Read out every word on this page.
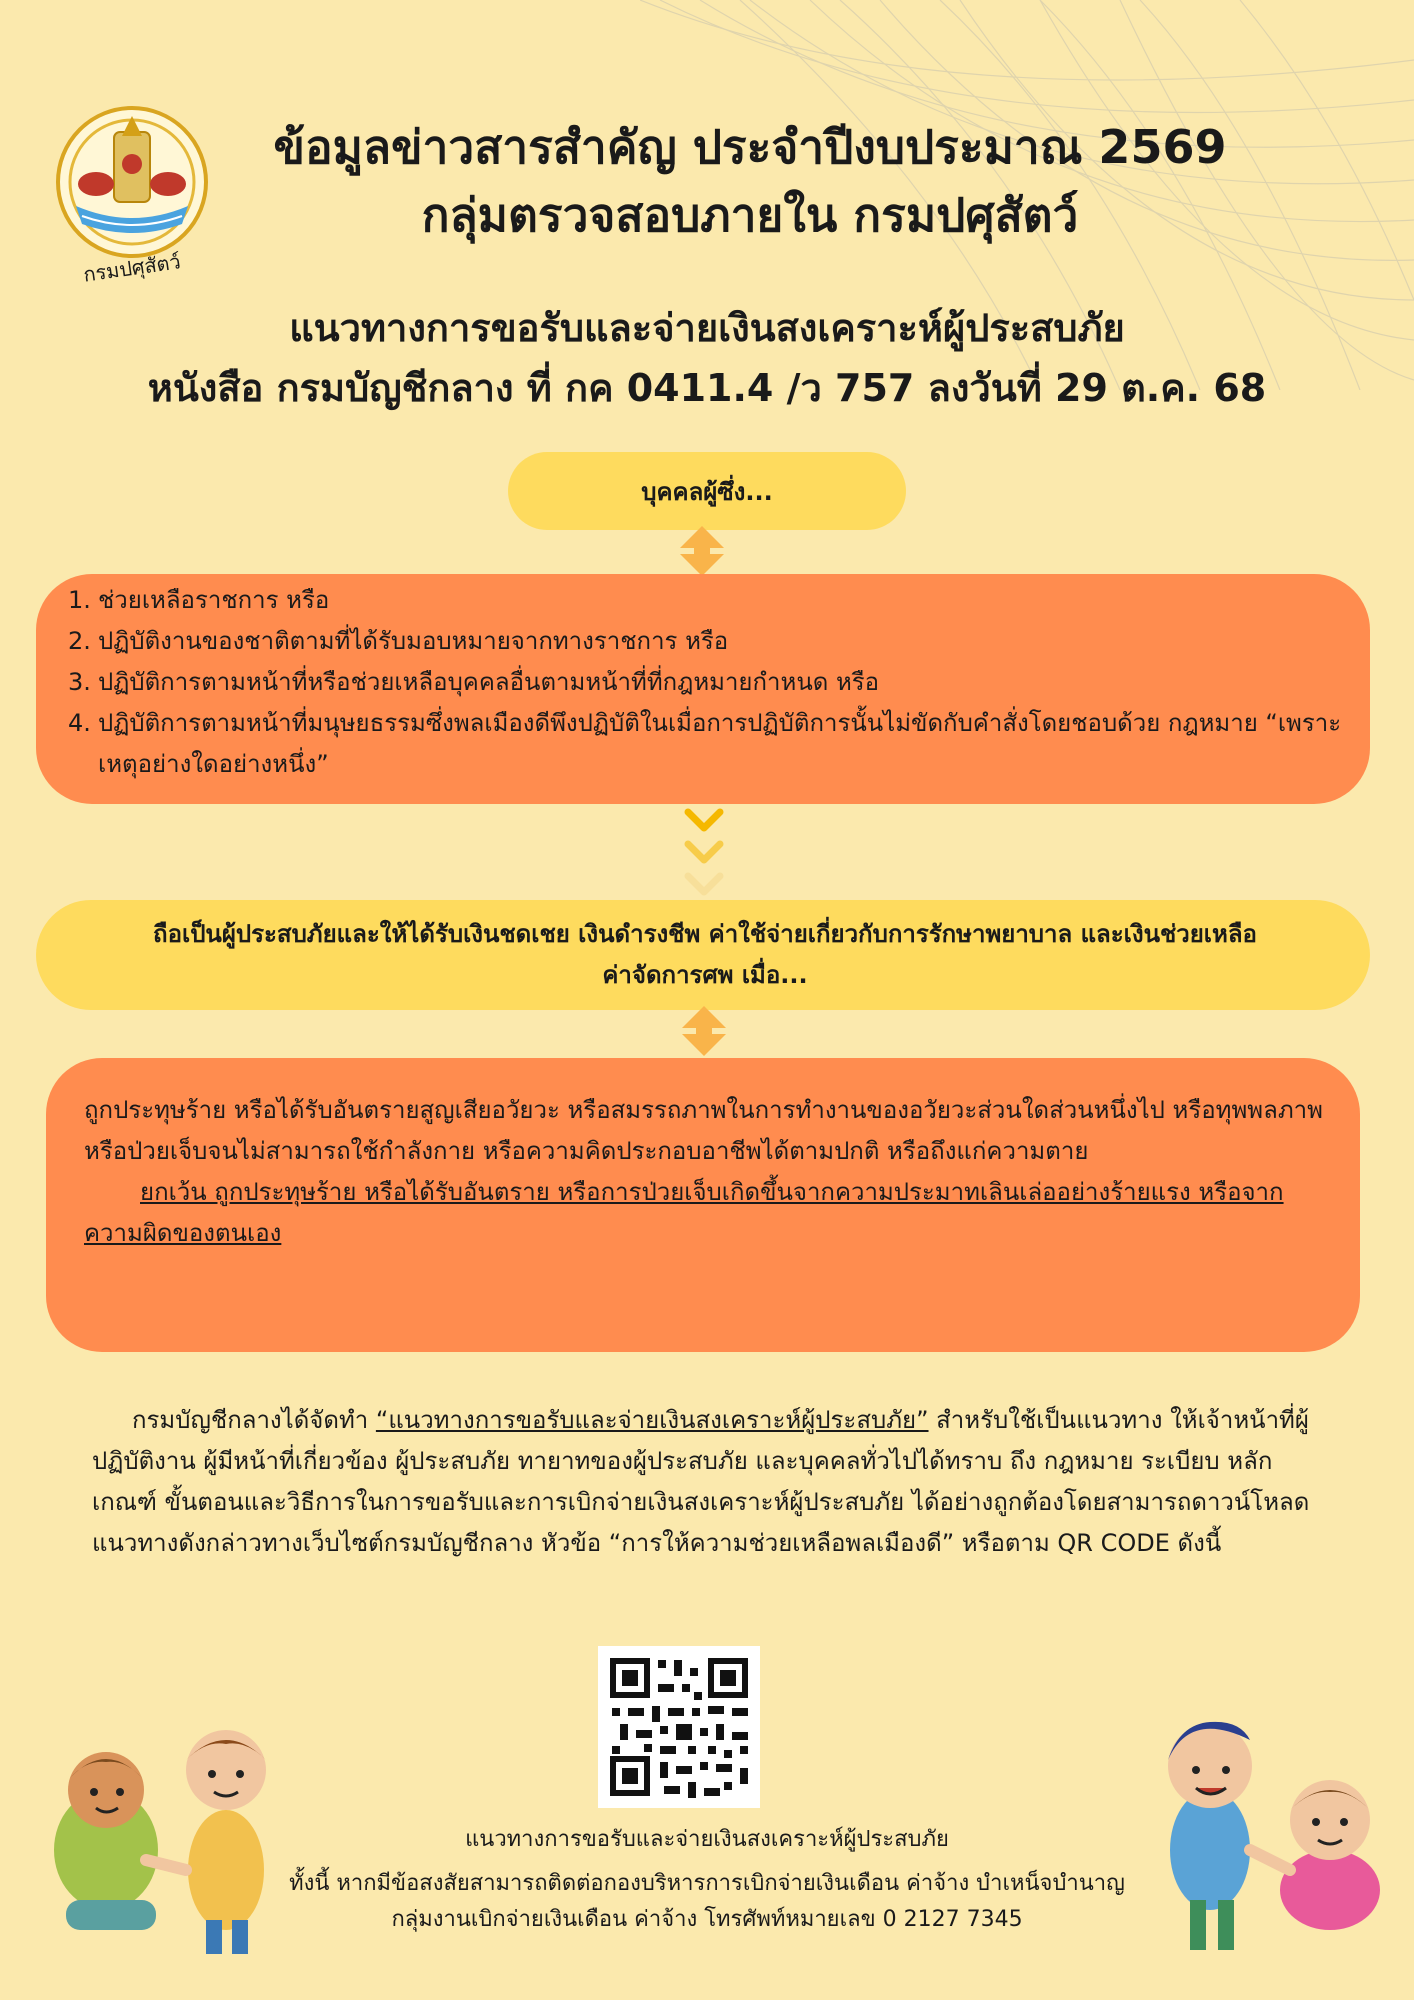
กรมปศุสัตว์
ข้อมูลข่าวสารสำคัญ ประจำปีงบประมาณ 2569
กลุ่มตรวจสอบภายใน กรมปศุสัตว์
แนวทางการขอรับและจ่ายเงินสงเคราะห์ผู้ประสบภัย
หนังสือ กรมบัญชีกลาง ที่ กค 0411.4 /ว 757 ลงวันที่ 29 ต.ค. 68
บุคคลผู้ซึ่ง...
1. ช่วยเหลือราชการ หรือ
2. ปฏิบัติงานของชาติตามที่ได้รับมอบหมายจากทางราชการ หรือ
3. ปฏิบัติการตามหน้าที่หรือช่วยเหลือบุคคลอื่นตามหน้าที่ที่กฎหมายกำหนด หรือ
4. ปฏิบัติการตามหน้าที่มนุษยธรรมซึ่งพลเมืองดีพึงปฏิบัติในเมื่อการปฏิบัติการนั้นไม่ขัดกับคำสั่งโดยชอบด้วย กฎหมาย “เพราะเหตุอย่างใดอย่างหนึ่ง”
ถือเป็นผู้ประสบภัยและให้ได้รับเงินชดเชย เงินดำรงชีพ ค่าใช้จ่ายเกี่ยวกับการรักษาพยาบาล และเงินช่วยเหลือ
ค่าจัดการศพ เมื่อ...
ถูกประทุษร้าย หรือได้รับอันตรายสูญเสียอวัยวะ หรือสมรรถภาพในการทำงานของอวัยวะส่วนใดส่วนหนึ่งไป หรือทุพพลภาพ หรือป่วยเจ็บจนไม่สามารถใช้กำลังกาย หรือความคิดประกอบอาชีพได้ตามปกติ หรือถึงแก่ความตาย
ยกเว้น ถูกประทุษร้าย หรือได้รับอันตราย หรือการป่วยเจ็บเกิดขึ้นจากความประมาทเลินเล่ออย่างร้ายแรง หรือจากความผิดของตนเอง
กรมบัญชีกลางได้จัดทำ “แนวทางการขอรับและจ่ายเงินสงเคราะห์ผู้ประสบภัย” สำหรับใช้เป็นแนวทาง ให้เจ้าหน้าที่ผู้ปฏิบัติงาน ผู้มีหน้าที่เกี่ยวข้อง ผู้ประสบภัย ทายาทของผู้ประสบภัย และบุคคลทั่วไปได้ทราบ ถึง กฎหมาย ระเบียบ หลักเกณฑ์ ขั้นตอนและวิธีการในการขอรับและการเบิกจ่ายเงินสงเคราะห์ผู้ประสบภัย ได้อย่างถูกต้องโดยสามารถดาวน์โหลดแนวทางดังกล่าวทางเว็บไซต์กรมบัญชีกลาง หัวข้อ “การให้ความช่วยเหลือพลเมืองดี” หรือตาม QR CODE ดังนี้
แนวทางการขอรับและจ่ายเงินสงเคราะห์ผู้ประสบภัย
ทั้งนี้ หากมีข้อสงสัยสามารถติดต่อกองบริหารการเบิกจ่ายเงินเดือน ค่าจ้าง บำเหน็จบำนาญ
กลุ่มงานเบิกจ่ายเงินเดือน ค่าจ้าง โทรศัพท์หมายเลข 0 2127 7345
